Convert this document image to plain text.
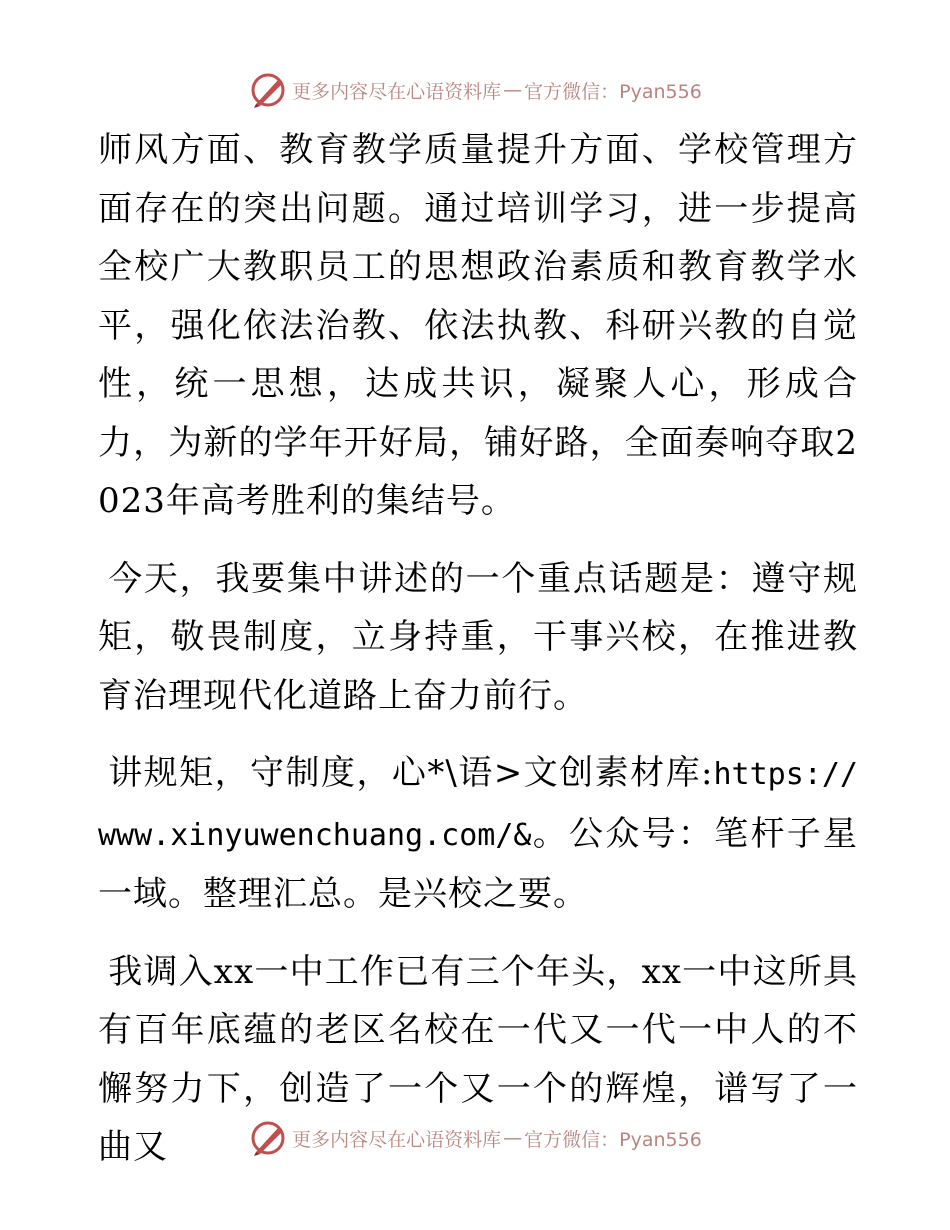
更多内容尽在心语资料库 — 官方微信：Pyan556

师风方面、教育教学质量提升方面、学校管理方面存在的突出问题。通过培训学习，进一步提高全校广大教职员工的思想政治素质和教育教学水平，强化依法治教、依法执教、科研兴教的自觉性，统一思想，达成共识，凝聚人心，形成合力，为新的学年开好局，铺好路，全面奏响夺取2023年高考胜利的集结号。

今天，我要集中讲述的一个重点话题是：遵守规矩，敬畏制度，立身持重，干事兴校，在推进教育治理现代化道路上奋力前行。

讲规矩，守制度，心*\语>文创素材库:https://www.xinyuwenchuang.com/&。公众号：笔杆子星一域。整理汇总。是兴校之要。

我调入xx一中工作已有三个年头，xx一中这所具有百年底蕴的老区名校在一代又一代一中人的不懈努力下，创造了一个又一个的辉煌，谱写了一曲又	更多内容尽在心语资料库 — 官方微信：Pyan556
